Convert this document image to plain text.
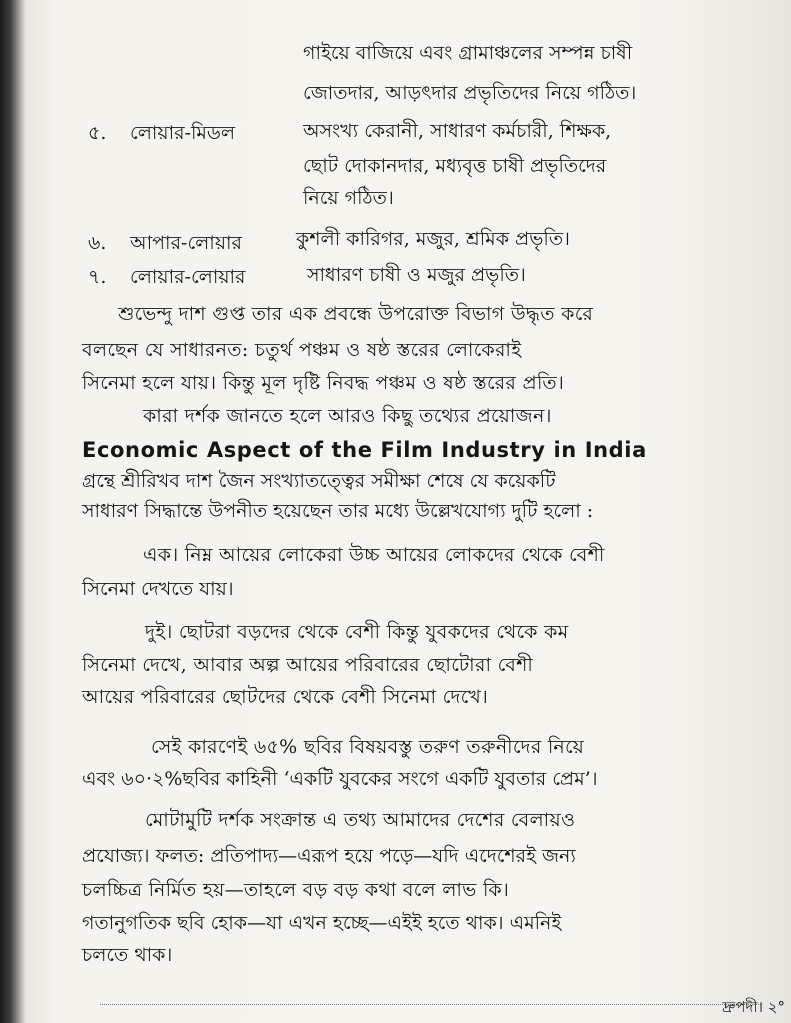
গাইয়ে বাজিয়ে এবং গ্রামাঞ্চলের সম্পন্ন চাষী
জোতদার, আড়ৎদার প্রভৃতিদের নিয়ে গঠিত।
৫. লোয়ার-মিডল	অসংখ্য কেরানী, সাধারণ কর্মচারী, শিক্ষক,
ছোট দোকানদার, মধ্যবৃত্ত চাষী প্রভৃতিদের
নিয়ে গঠিত।
৬. আপার-লোয়ার	কুশলী কারিগর, মজুর, শ্রমিক প্রভৃতি।
৭. লোয়ার-লোয়ার	সাধারণ চাষী ও মজুর প্রভৃতি।
শুভেন্দু দাশ গুপ্ত তার এক প্রবন্ধে উপরোক্ত বিভাগ উদ্ধৃত করে
বলছেন যে সাধারনত: চতুর্থ পঞ্চম ও ষষ্ঠ স্তরের লোকেরাই
সিনেমা হলে যায়। কিন্তু মূল দৃষ্টি নিবদ্ধ পঞ্চম ও ষষ্ঠ স্তরের প্রতি।
কারা দর্শক জানতে হলে আরও কিছু তথ্যের প্রয়োজন।
Economic Aspect of the Film Industry in India
গ্রন্থে শ্রীরিখব দাশ জৈন সংখ্যাতত্ত্বের সমীক্ষা শেষে যে কয়েকটি
সাধারণ সিদ্ধান্তে উপনীত হয়েছেন তার মধ্যে উল্লেখযোগ্য দুটি হলো :
এক। নিম্ন আয়ের লোকেরা উচ্চ আয়ের লোকদের থেকে বেশী
সিনেমা দেখতে যায়।
দুই। ছোটরা বড়দের থেকে বেশী কিন্তু যুবকদের থেকে কম
সিনেমা দেখে, আবার অল্প আয়ের পরিবারের ছোটোরা বেশী
আয়ের পরিবারের ছোটদের থেকে বেশী সিনেমা দেখে।
সেই কারণেই ৬৫% ছবির বিষয়বস্তু তরুণ তরুনীদের নিয়ে
এবং ৬০·২%ছবির কাহিনী ‘একটি যুবকের সংগে একটি যুবতার প্রেম’।
মোটামুটি দর্শক সংক্রান্ত এ তথ্য আমাদের দেশের বেলায়ও
প্রযোজ্য। ফলত: প্রতিপাদ্য—এরূপ হয়ে পড়ে—যদি এদেশেরই জন্য
চলচ্চিত্র নির্মিত হয়—তাহলে বড় বড় কথা বলে লাভ কি।
গতানুগতিক ছবি হোক—যা এখন হচ্ছে—এইই হতে থাক। এমনিই
চলতে থাক।
দ্রুপদী। ২°
